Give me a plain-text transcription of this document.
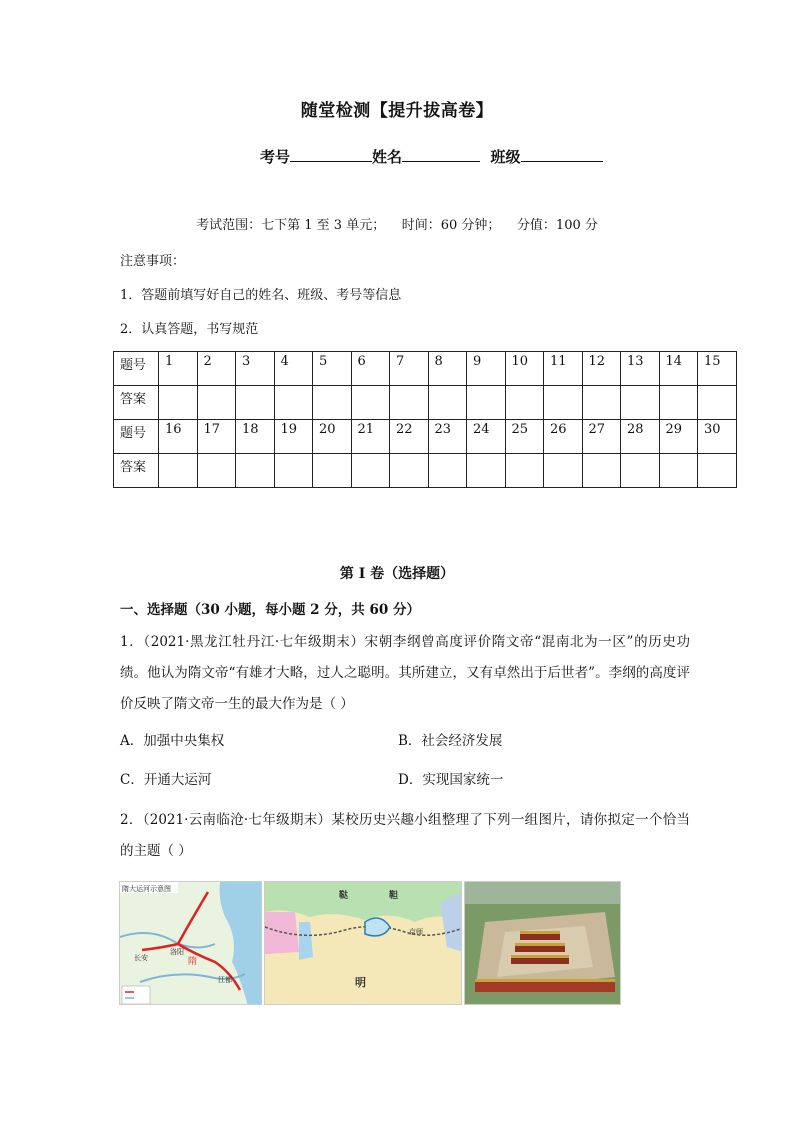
随堂检测【提升拔高卷】
考号	姓名	班级
考试范围：七下第 1 至 3 单元；    时间：60 分钟；    分值：100 分
注意事项：
1．答题前填写好自己的姓名、班级、考号等信息
2．认真答题，书写规范
题号	1	2	3	4	5	6	7	8	9	10	11	12	13	14	15
答案															
题号	16	17	18	19	20	21	22	23	24	25	26	27	28	29	30
答案															
第 I 卷（选择题）
一、选择题（30 小题，每小题 2 分，共 60 分）
1．（2021·黑龙江牡丹江·七年级期末）宋朝李纲曾高度评价隋文帝“混南北为一区”的历史功绩。他认为隋文帝“有雄才大略，过人之聪明。其所建立，又有卓然出于后世者”。李纲的高度评价反映了隋文帝一生的最大作为是（ ）
A．加强中央集权	B．社会经济发展
C．开通大运河	D．实现国家统一
2．（2021·云南临沧·七年级期末）某校历史兴趣小组整理了下列一组图片，请你拟定一个恰当的主题（ ）
隋大运河示意图
洛阳
长安	隋
江都
鞑	靼
京师
明
